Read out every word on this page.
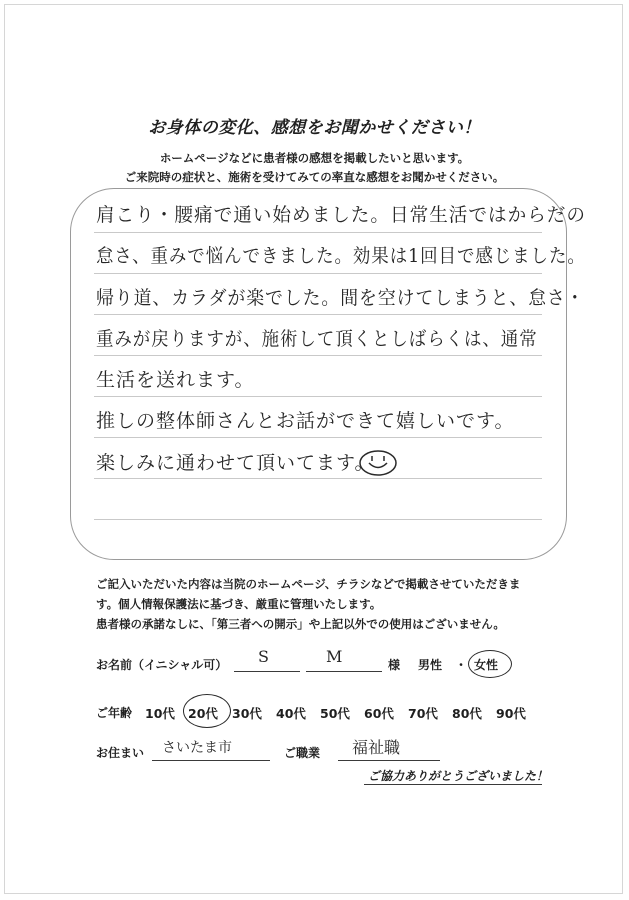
お身体の変化、感想をお聞かせください！
ホームページなどに患者様の感想を掲載したいと思います。
ご来院時の症状と、施術を受けてみての率直な感想をお聞かせください。
肩こり・腰痛で通い始めました。日常生活ではからだの
怠さ、重みで悩んできました。効果は1回目で感じました。
帰り道、カラダが楽でした。間を空けてしまうと、怠さ・
重みが戻りますが、施術して頂くとしばらくは、通常
生活を送れます。
推しの整体師さんとお話ができて嬉しいです。
楽しみに通わせて頂いてます。
ご記入いただいた内容は当院のホームページ、チラシなどで掲載させていただきま
す。個人情報保護法に基づき、厳重に管理いたします。
患者様の承諾なしに、「第三者への開示」や上記以外での使用はございません。
お名前（イニシャル可） S	M	様 男性 ・ 女性
ご年齢 10代 20代 30代 40代 50代 60代 70代 80代 90代
お住まい さいたま市	ご職業 福祉職
ご協力ありがとうございました！
